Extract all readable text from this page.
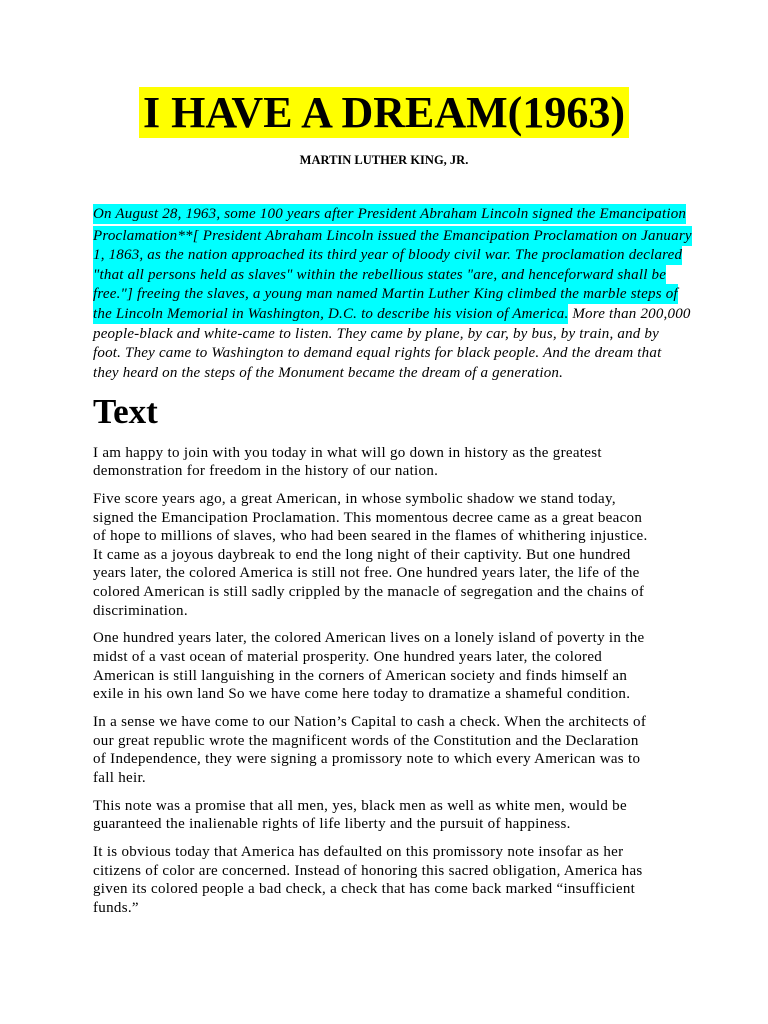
I HAVE A DREAM(1963)
MARTIN LUTHER KING, JR.
On August 28, 1963, some 100 years after President Abraham Lincoln signed the Emancipation
Proclamation**[ President Abraham Lincoln issued the Emancipation Proclamation on January
1, 1863, as the nation approached its third year of bloody civil war. The proclamation declared
"that all persons held as slaves" within the rebellious states "are, and henceforward shall be
free."] freeing the slaves, a young man named Martin Luther King climbed the marble steps of
the Lincoln Memorial in Washington, D.C. to describe his vision of America. More than 200,000
people-black and white-came to listen. They came by plane, by car, by bus, by train, and by
foot. They came to Washington to demand equal rights for black people. And the dream that
they heard on the steps of the Monument became the dream of a generation.
Text
I am happy to join with you today in what will go down in history as the greatest
demonstration for freedom in the history of our nation.
Five score years ago, a great American, in whose symbolic shadow we stand today,
signed the Emancipation Proclamation. This momentous decree came as a great beacon
of hope to millions of slaves, who had been seared in the flames of whithering injustice.
It came as a joyous daybreak to end the long night of their captivity. But one hundred
years later, the colored America is still not free. One hundred years later, the life of the
colored American is still sadly crippled by the manacle of segregation and the chains of
discrimination.
One hundred years later, the colored American lives on a lonely island of poverty in the
midst of a vast ocean of material prosperity. One hundred years later, the colored
American is still languishing in the corners of American society and finds himself an
exile in his own land So we have come here today to dramatize a shameful condition.
In a sense we have come to our Nation’s Capital to cash a check. When the architects of
our great republic wrote the magnificent words of the Constitution and the Declaration
of Independence, they were signing a promissory note to which every American was to
fall heir.
This note was a promise that all men, yes, black men as well as white men, would be
guaranteed the inalienable rights of life liberty and the pursuit of happiness.
It is obvious today that America has defaulted on this promissory note insofar as her
citizens of color are concerned. Instead of honoring this sacred obligation, America has
given its colored people a bad check, a check that has come back marked “insufficient
funds.”
